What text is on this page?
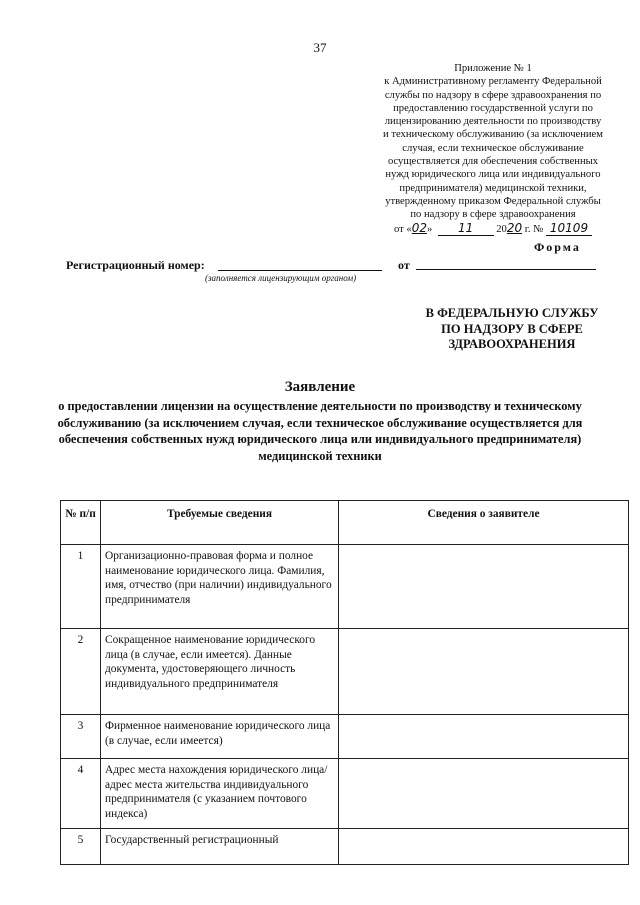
37
Приложение № 1
к Административному регламенту Федеральной
службы по надзору в сфере здравоохранения по
предоставлению государственной услуги по
лицензированию деятельности по производству
и техническому обслуживанию (за исключением
случая, если техническое обслуживание
осуществляется для обеспечения собственных
нужд юридического лица или индивидуального
предпринимателя) медицинской техники,
утвержденному приказом Федеральной службы
по надзору в сфере здравоохранения
от «02» 11 2020 г. № 10109
Форма
Регистрационный номер:
(заполняется лицензирующим органом)
от
В ФЕДЕРАЛЬНУЮ СЛУЖБУ
ПО НАДЗОРУ В СФЕРЕ
ЗДРАВООХРАНЕНИЯ
Заявление
о предоставлении лицензии на осуществление деятельности по производству и техническому обслуживанию (за исключением случая, если техническое обслуживание осуществляется для обеспечения собственных нужд юридического лица или индивидуального предпринимателя) медицинской техники
№ п/п	Требуемые сведения	Сведения о заявителе
1	Организационно-правовая форма и полное наименование юридического лица. Фамилия, имя, отчество (при наличии) индивидуального предпринимателя	
2	Сокращенное наименование юридического лица (в случае, если имеется). Данные документа, удостоверяющего личность индивидуального предпринимателя	
3	Фирменное наименование юридического лица (в случае, если имеется)	
4	Адрес места нахождения юридического лица/адрес места жительства индивидуального предпринимателя (с указанием почтового индекса)	
5	Государственный регистрационный	
